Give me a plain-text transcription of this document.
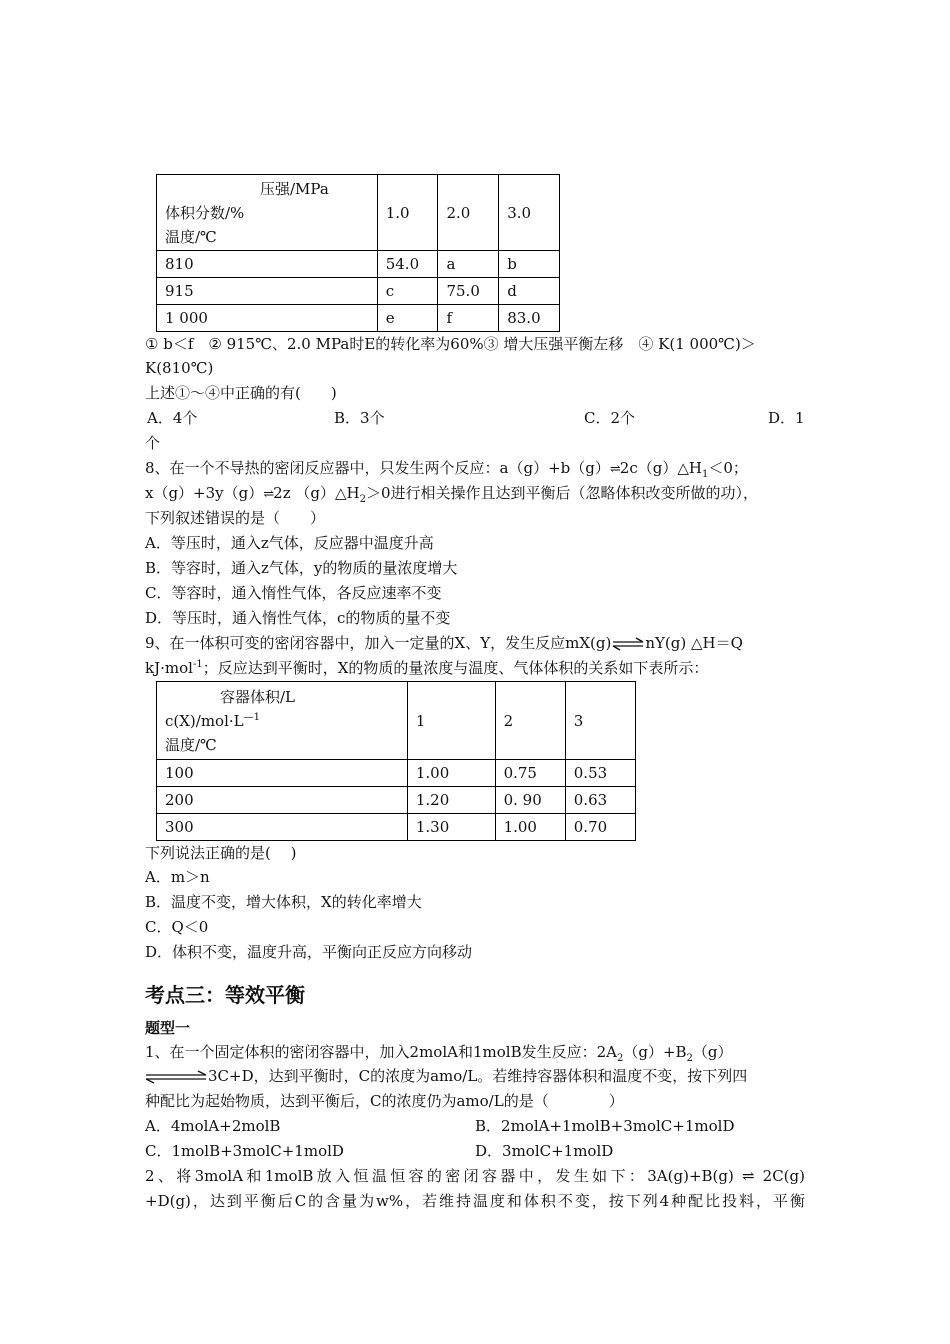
压强/MPa
体积分数/%
温度/℃	1.0	2.0	3.0
810	54.0	a	b
915	c	75.0	d
1 000	e	f	83.0
① b＜f　② 915℃、2.0 MPa时E的转化率为60%③ 增大压强平衡左移　④ K(1 000℃)＞
K(810℃)
上述①～④中正确的有(　　)
A．4个	B．3个	C．2个	D．1
个
8、在一个不导热的密闭反应器中，只发生两个反应：$a(g)+b(g)\rightleftharpoons 2c(g)\triangle H_1<0$；
x（g）+3y（g）⇌2z $(g)\triangle H_2>0$进行相关操作且达到平衡后（忽略体积改变所做的功），
下列叙述错误的是（　　）
A．等压时，通入z气体，反应器中温度升高
B．等容时，通入z气体，y的物质的量浓度增大
C．等容时，通入惰性气体，各反应速率不变
D．等压时，通入惰性气体，c的物质的量不变
9、在一体积可变的密闭容器中，加入一定量的X、Y，发生反应mX(g) nY(g) △H＝Q
kJ·mol$^{-1}$；反应达到平衡时，X的物质的量浓度与温度、气体体积的关系如下表所示：
容器体积/L
$c(X)/mol\cdot L^{—1}$
温度/℃	1	2	3
100	1.00	0.75	0.53
200	1.20	0. 90	0.63
300	1.30	1.00	0.70
下列说法正确的是(　 )
A．m＞n
B．温度不变，增大体积，X的转化率增大
C．Q＜0
D．体积不变，温度升高，平衡向正反应方向移动
考点三：等效平衡
题型一
1、在一个固定体积的密闭容器中，加入2molA和1molB发生反应：$2A_2(g)+B_2(g)$
3C+D，达到平衡时，C的浓度为amo/L。若维持容器体积和温度不变，按下列四
种配比为起始物质，达到平衡后，C的浓度仍为amo/L的是（　　　　）
A．4molA+2molB	B．2molA+1molB+3molC+1molD
C．1molB+3molC+1molD	D．3molC+1molD
2、将3molA和1molB放入恒温恒容的密闭容器中，发生如下：3A(g)+B(g) ⇌ 2C(g)
+D(g)，达到平衡后C的含量为w%，若维持温度和体积不变，按下列4种配比投料，平衡
